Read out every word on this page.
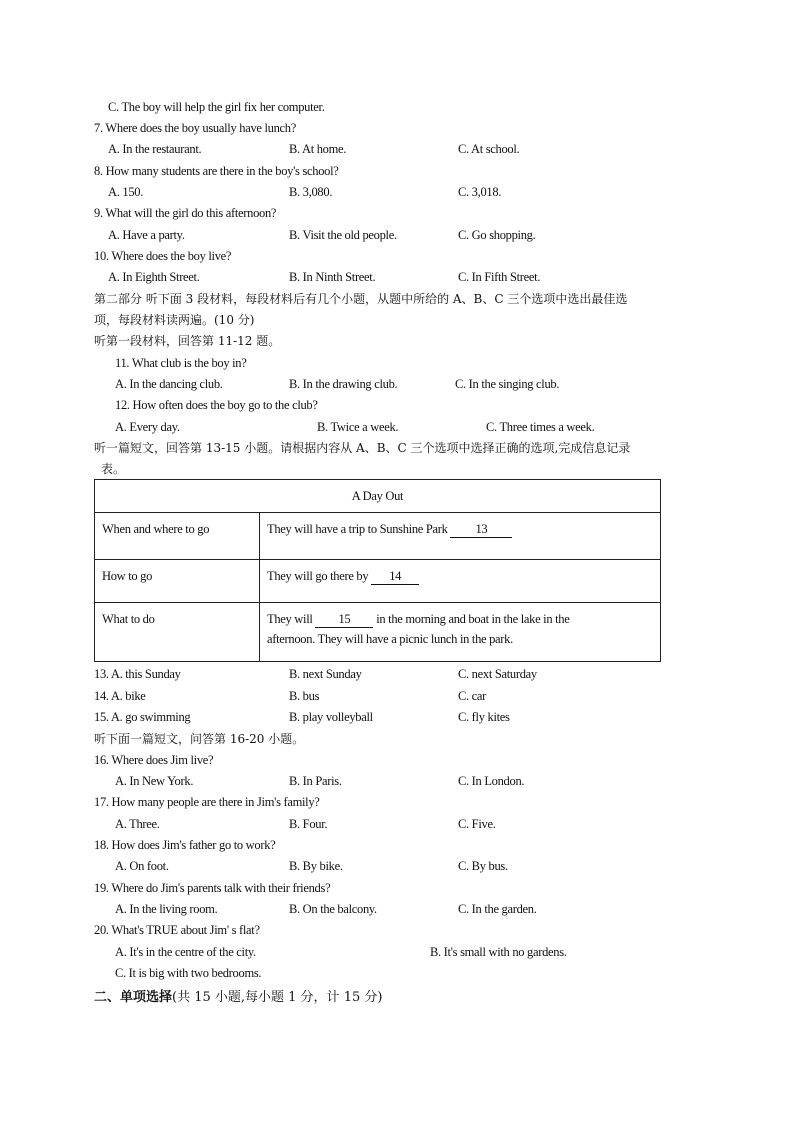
C. The boy will help the girl fix her computer.
7. Where does the boy usually have lunch?
A. In the restaurant.	B. At home.	C. At school.
8. How many students are there in the boy's school?
A. 150.	B. 3,080.	C. 3,018.
9. What will the girl do this afternoon?
A. Have a party.	B. Visit the old people.	C. Go shopping.
10. Where does the boy live?
A. In Eighth Street.	B. In Ninth Street.	C. In Fifth Street.
第二部分 听下面 3 段材料，每段材料后有几个小题，从题中所给的 A、B、C 三个选项中选出最佳选
项，每段材料读两遍。(10 分)
听第一段材料，回答第 11-12 题。
11. What club is the boy in?
A. In the dancing club.	B. In the drawing club.	C. In the singing club.
12. How often does the boy go to the club?
A. Every day.	B. Twice a week.	C. Three times a week.
听一篇短文，回答第 13-15 小题。请根据内容从 A、B、C 三个选项中选择正确的选项,完成信息记录
表。
A Day Out	
When and where to go	They will have a trip to Sunshine Park 13
How to go	They will go there by 14
What to do	They will 15 in the morning and boat in the lake in the
afternoon. They will have a picnic lunch in the park.
13. A. this Sunday	B. next Sunday	C. next Saturday
14. A. bike	B. bus	C. car
15. A. go swimming	B. play volleyball	C. fly kites
听下面一篇短文，问答第 16-20 小题。
16. Where does Jim live?
A. In New York.	B. In Paris.	C. In London.
17. How many people are there in Jim's family?
A. Three.	B. Four.	C. Five.
18. How does Jim's father go to work?
A. On foot.	B. By bike.	C. By bus.
19. Where do Jim's parents talk with their friends?
A. In the living room.	B. On the balcony.	C. In the garden.
20. What's TRUE about Jim' s flat?
A. It's in the centre of the city.	B. It's small with no gardens.
C. It is big with two bedrooms.
二、单项选择(共 15 小题,每小题 1 分，计 15 分)
